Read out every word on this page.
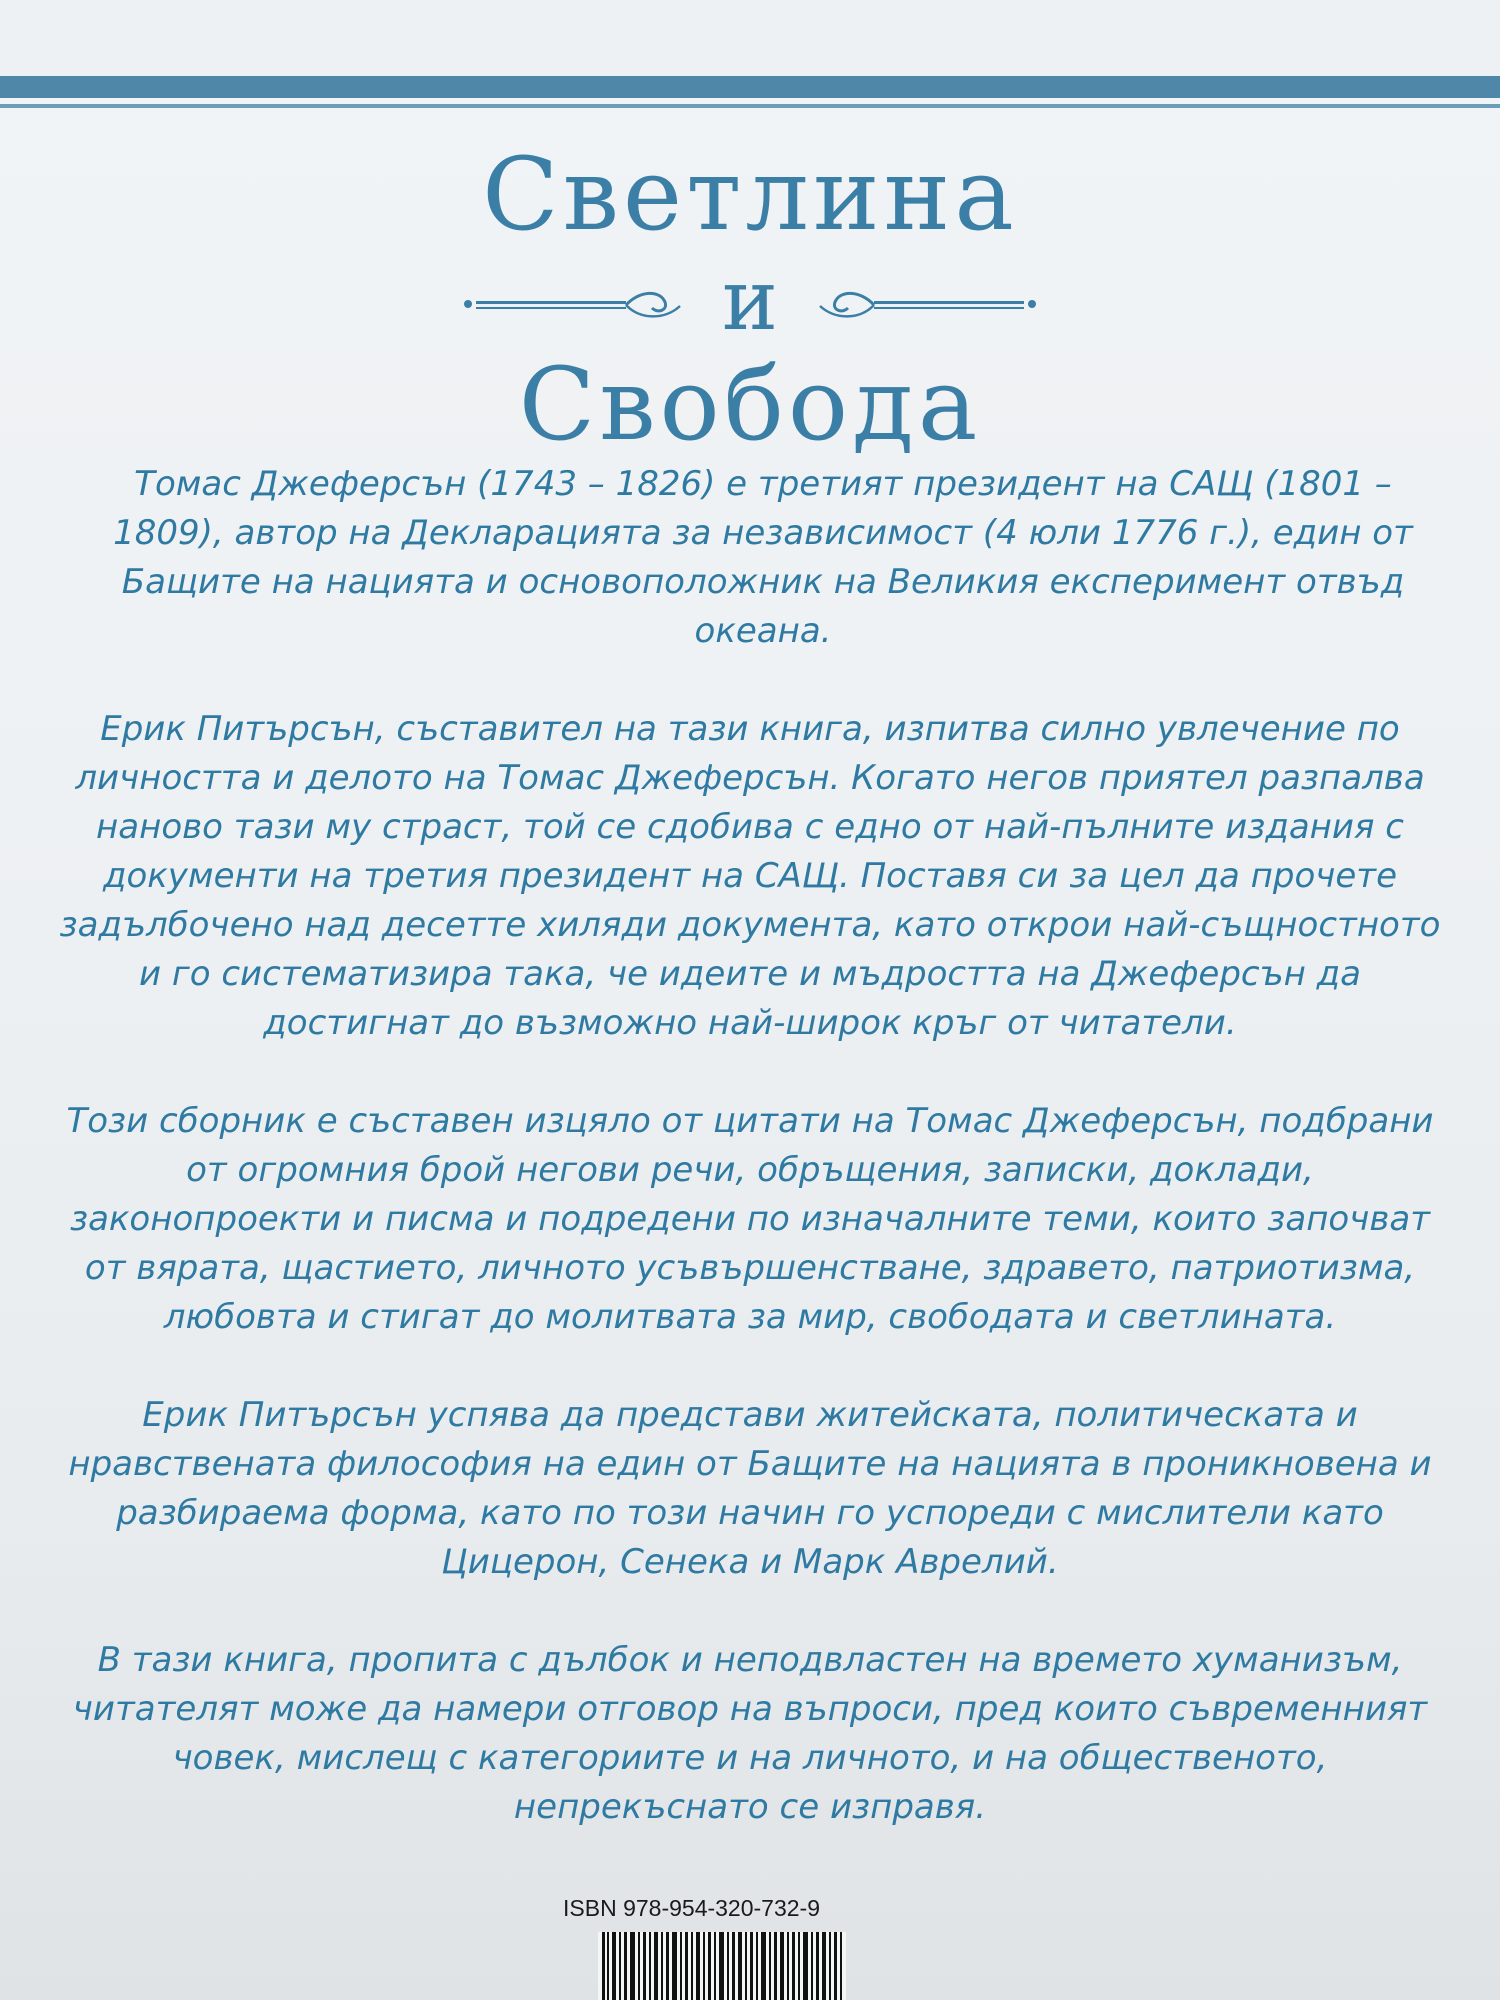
Светлина
и
Свобода

Томас Джеферсън (1743 – 1826) е третият президент на САЩ (1801 – 1809), автор на Декларацията за независимост (4 юли 1776 г.), един от Бащите на нацията и основоположник на Великия експеримент отвъд океана.

Ерик Питърсън, съставител на тази книга, изпитва силно увлечение по личността и делото на Томас Джеферсън. Когато негов приятел разпалва наново тази му страст, той се сдобива с едно от най-пълните издания с документи на третия президент на САЩ. Поставя си за цел да прочете задълбочено над десетте хиляди документа, като открои най-същностното и го систематизира така, че идеите и мъдростта на Джеферсън да достигнат до възможно най-широк кръг от читатели.

Този сборник е съставен изцяло от цитати на Томас Джеферсън, подбрани от огромния брой негови речи, обръщения, записки, доклади, законопроекти и писма и подредени по изначалните теми, които започват от вярата, щастието, личното усъвършенстване, здравето, патриотизма, любовта и стигат до молитвата за мир, свободата и светлината.

Ерик Питърсън успява да представи житейската, политическата и нравствената философия на един от Бащите на нацията в проникновена и разбираема форма, като по този начин го успореди с мислители като Цицерон, Сенека и Марк Аврелий.

В тази книга, пропита с дълбок и неподвластен на времето хуманизъм, читателят може да намери отговор на въпроси, пред които съвременният човек, мислещ с категориите и на личното, и на общественото, непрекъснато се изправя.

ISBN 978-954-320-732-9
